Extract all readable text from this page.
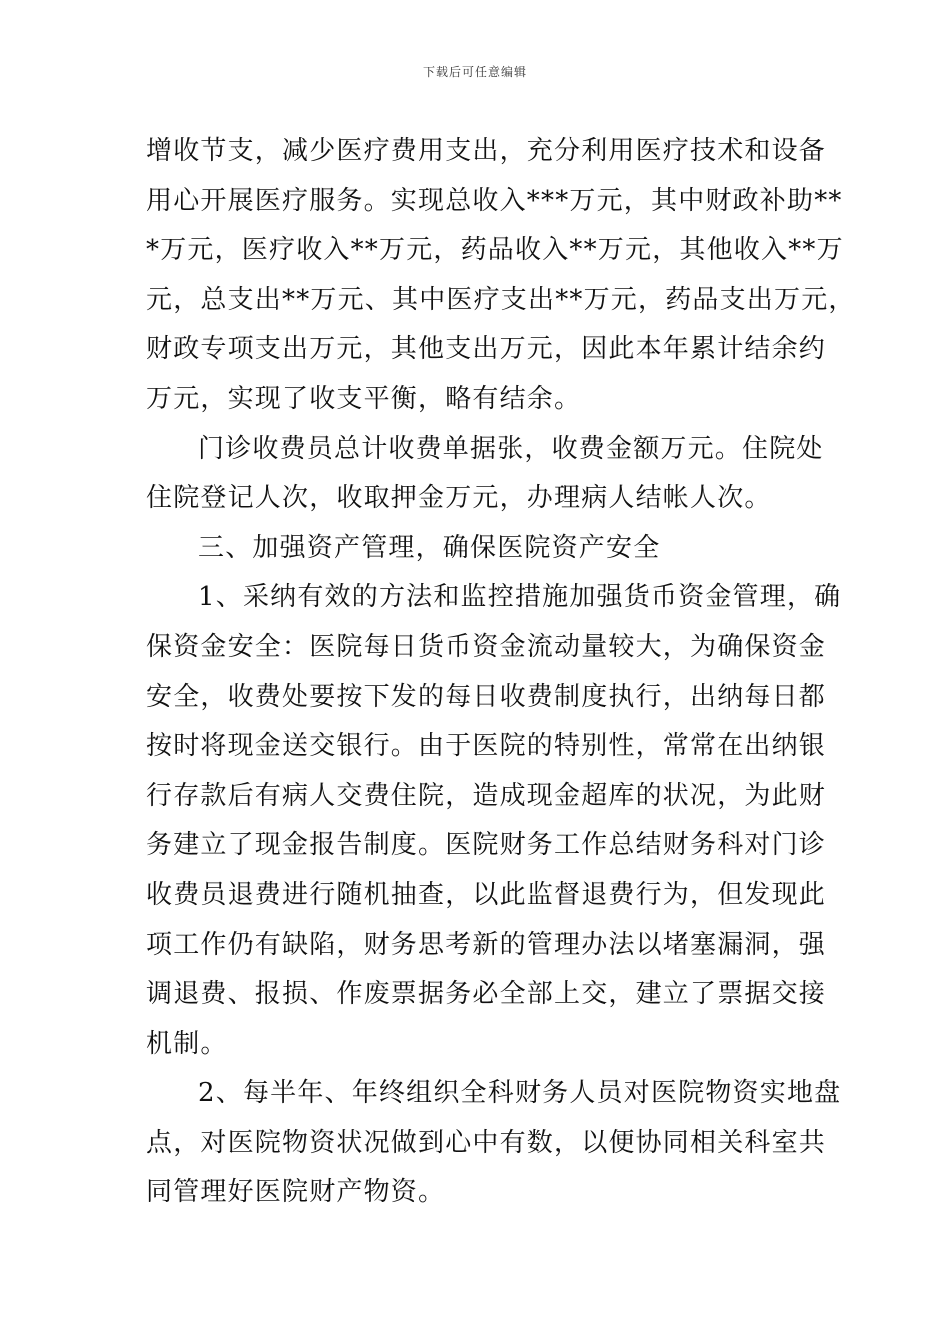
下载后可任意编辑
增收节支，减少医疗费用支出，充分利用医疗技术和设备
用心开展医疗服务。实现总收入***万元，其中财政补助**
*万元，医疗收入**万元，药品收入**万元，其他收入**万
元，总支出**万元、其中医疗支出**万元，药品支出万元，
财政专项支出万元，其他支出万元，因此本年累计结余约
万元，实现了收支平衡，略有结余。
门诊收费员总计收费单据张，收费金额万元。住院处
住院登记人次，收取押金万元，办理病人结帐人次。
三、加强资产管理，确保医院资产安全
1、采纳有效的方法和监控措施加强货币资金管理，确
保资金安全：医院每日货币资金流动量较大，为确保资金
安全，收费处要按下发的每日收费制度执行，出纳每日都
按时将现金送交银行。由于医院的特别性，常常在出纳银
行存款后有病人交费住院，造成现金超库的状况，为此财
务建立了现金报告制度。医院财务工作总结财务科对门诊
收费员退费进行随机抽查，以此监督退费行为，但发现此
项工作仍有缺陷，财务思考新的管理办法以堵塞漏洞，强
调退费、报损、作废票据务必全部上交，建立了票据交接
机制。
2、每半年、年终组织全科财务人员对医院物资实地盘
点，对医院物资状况做到心中有数，以便协同相关科室共
同管理好医院财产物资。
